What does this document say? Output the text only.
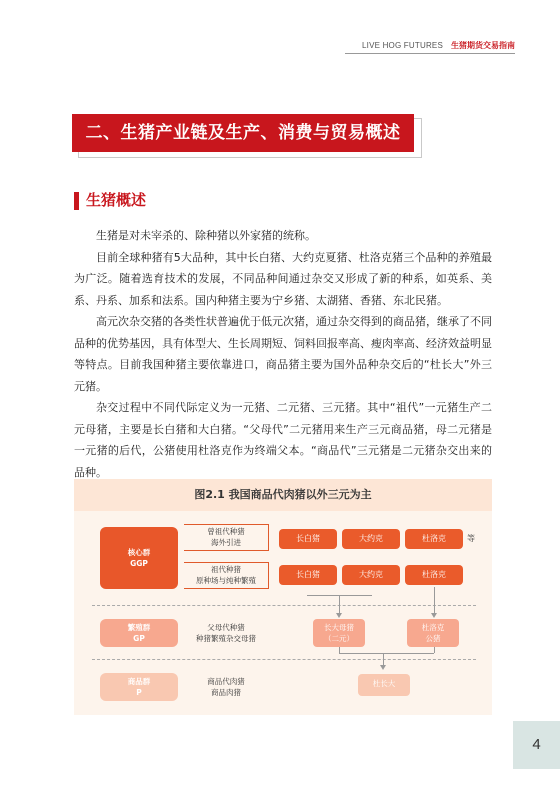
LIVE HOG FUTURES 生猪期货交易指南
二、生猪产业链及生产、消费与贸易概述
生猪概述

生猪是对未宰杀的、除种猪以外家猪的统称。

目前全球种猪有5大品种，其中长白猪、大约克夏猪、杜洛克猪三个品种的养殖最为广泛。随着选育技术的发展，不同品种间通过杂交又形成了新的种系，如英系、美系、丹系、加系和法系。国内种猪主要为宁乡猪、太湖猪、香猪、东北民猪。

高元次杂交猪的各类性状普遍优于低元次猪，通过杂交得到的商品猪，继承了不同品种的优势基因，具有体型大、生长周期短、饲料回报率高、瘦肉率高、经济效益明显等特点。目前我国种猪主要依靠进口，商品猪主要为国外品种杂交后的“杜长大”外三元猪。

杂交过程中不同代际定义为一元猪、二元猪、三元猪。其中“祖代”一元猪生产二元母猪，主要是长白猪和大白猪。“父母代”二元猪用来生产三元商品猪，母二元猪是一元猪的后代，公猪使用杜洛克作为终端父本。“商品代”三元猪是二元猪杂交出来的品种。

图2.1 我国商品代肉猪以外三元为主
核心群
GGP
繁殖群
GP
商品群
P
曾祖代种猪
海外引进
祖代种猪
原种场与纯种繁殖
父母代种猪
种猪繁殖杂交母猪
商品代肉猪
商品肉猪
长白猪	大约克	杜洛克	等
长白猪	大约克	杜洛克
长大母猪
（二元）
杜洛克
公猪
杜长大
4
